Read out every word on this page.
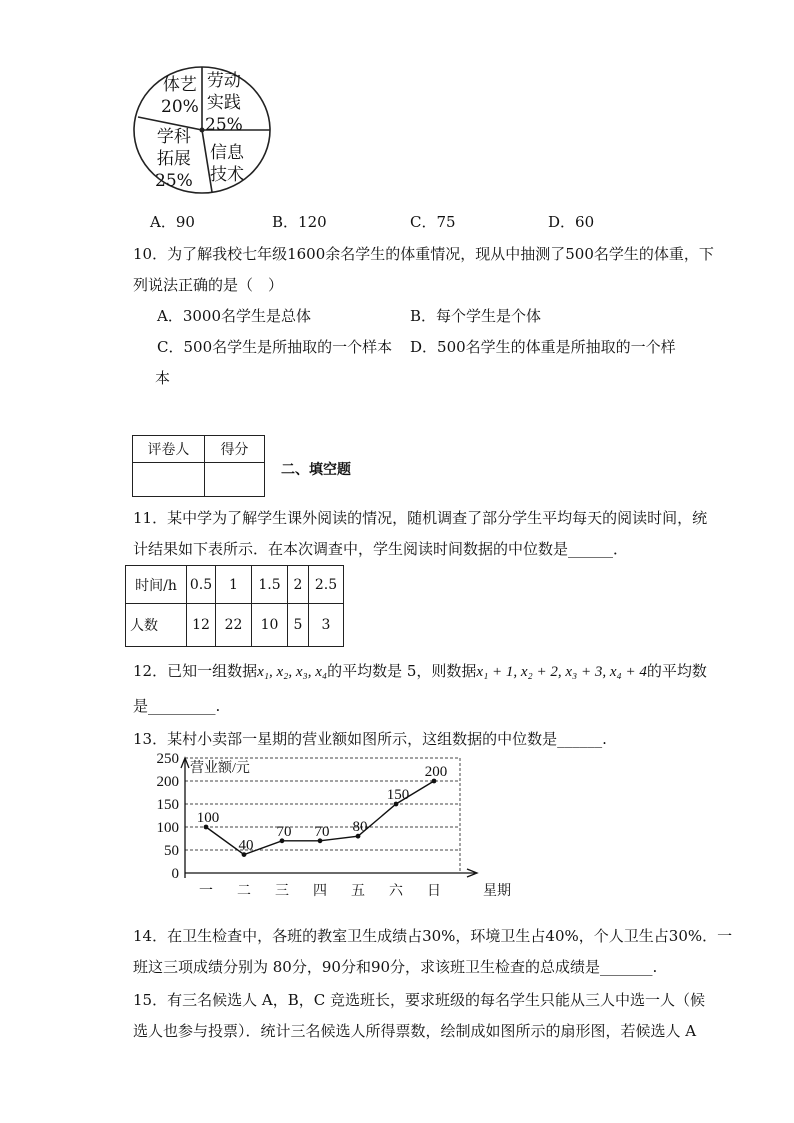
体艺
20%
劳动
实践
25%
信息
技术
学科
拓展
25%
A．90	B．120	C．75	D．60
10．为了解我校七年级1600余名学生的体重情况，现从中抽测了500名学生的体重，下
列说法正确的是（　）
A．3000名学生是总体	B．每个学生是个体
C．500名学生是所抽取的一个样本 D．500名学生的体重是所抽取的一个样
本
评卷人	得分

二、填空题
11．某中学为了解学生课外阅读的情况，随机调查了部分学生平均每天的阅读时间，统
计结果如下表所示．在本次调查中，学生阅读时间数据的中位数是______．
时间/h	0.5	1	1.5	2	2.5
人数	12	22	10	5	3
12．已知一组数据x₁, x₂, x₃, x₄的平均数是 5，则数据x₁ + 1, x₂ + 2, x₃ + 3, x₄ + 4的平均数
是_________.
13．某村小卖部一星期的营业额如图所示，这组数据的中位数是______.
0
50
100
150
200
250
营业额/元
星期
一 二 三 四 五 六 日
100
40
70 70 80
150
200
14．在卫生检查中，各班的教室卫生成绩占30%，环境卫生占40%，个人卫生占30%．一
班这三项成绩分别为 80分，90分和90分，求该班卫生检查的总成绩是_______.
15．有三名候选人 A，B，C 竞选班长，要求班级的每名学生只能从三人中选一人（候
选人也参与投票）．统计三名候选人所得票数，绘制成如图所示的扇形图，若候选人 A
